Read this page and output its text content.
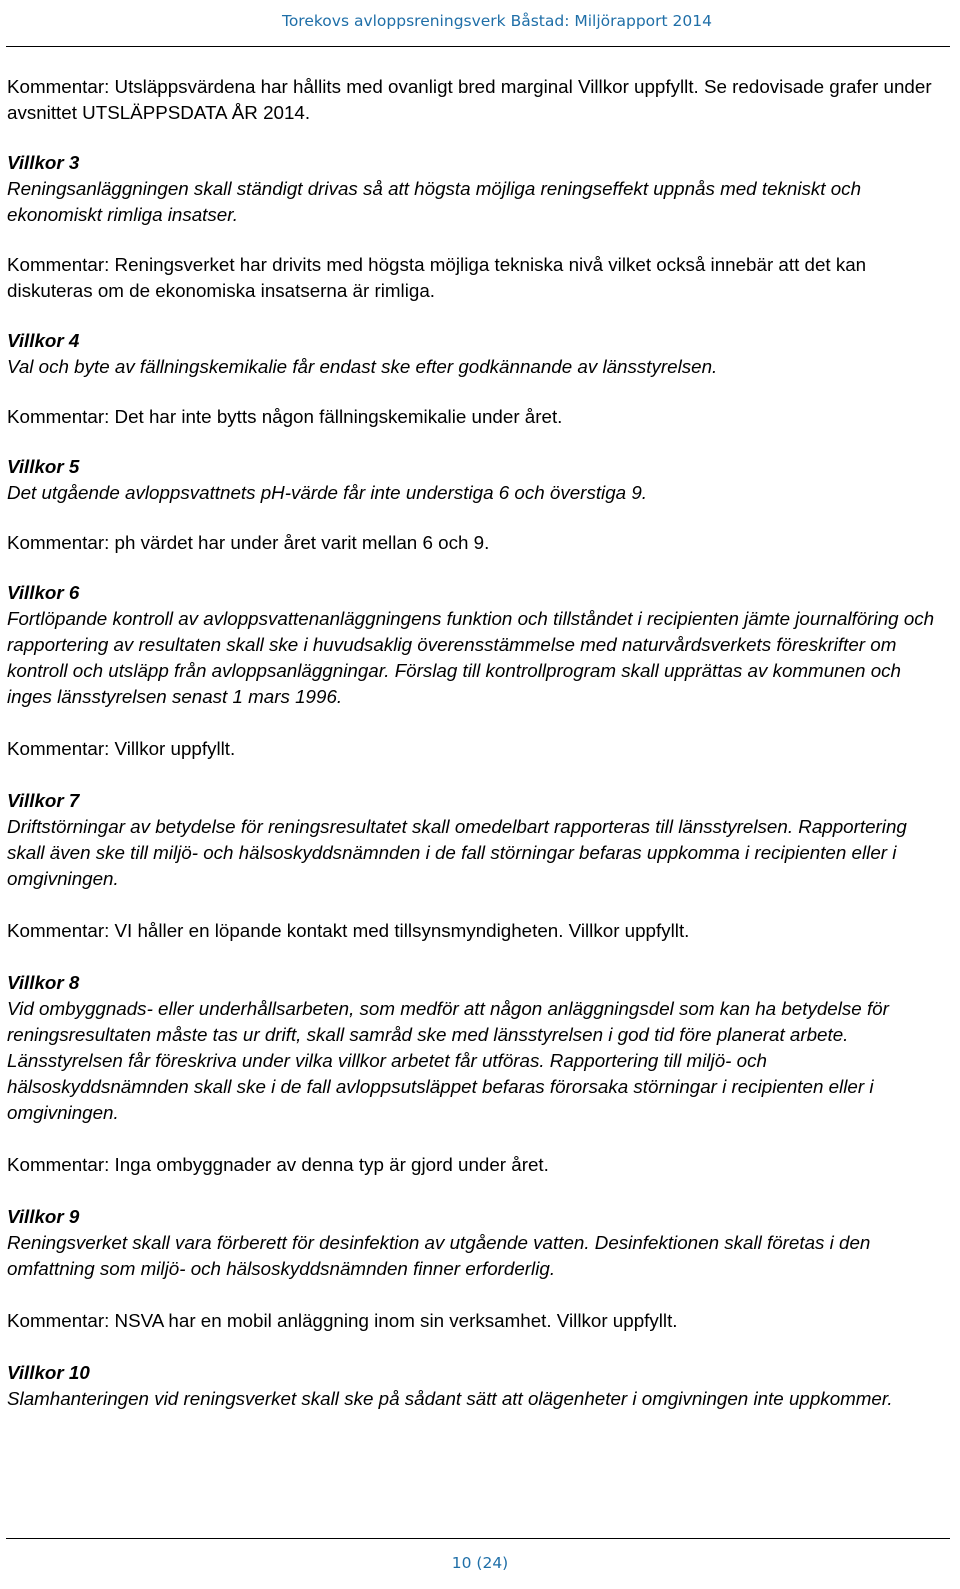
Torekovs avloppsreningsverk Båstad: Miljörapport 2014

Kommentar: Utsläppsvärdena har hållits med ovanligt bred marginal Villkor uppfyllt. Se redovisade grafer under avsnittet UTSLÄPPSDATA ÅR 2014.

Villkor 3

Reningsanläggningen skall ständigt drivas så att högsta möjliga reningseffekt uppnås med tekniskt och ekonomiskt rimliga insatser.

Kommentar: Reningsverket har drivits med högsta möjliga tekniska nivå vilket också innebär att det kan diskuteras om de ekonomiska insatserna är rimliga.

Villkor 4

Val och byte av fällningskemikalie får endast ske efter godkännande av länsstyrelsen.

Kommentar: Det har inte bytts någon fällningskemikalie under året.

Villkor 5

Det utgående avloppsvattnets pH-värde får inte understiga 6 och överstiga 9.

Kommentar: ph värdet har under året varit mellan 6 och 9.

Villkor 6

Fortlöpande kontroll av avloppsvattenanläggningens funktion och tillståndet i recipienten jämte journalföring och rapportering av resultaten skall ske i huvudsaklig överensstämmelse med naturvårdsverkets föreskrifter om kontroll och utsläpp från avloppsanläggningar. Förslag till kontrollprogram skall upprättas av kommunen och inges länsstyrelsen senast 1 mars 1996.

Kommentar: Villkor uppfyllt.

Villkor 7

Driftstörningar av betydelse för reningsresultatet skall omedelbart rapporteras till länsstyrelsen. Rapportering skall även ske till miljö- och hälsoskyddsnämnden i de fall störningar befaras uppkomma i recipienten eller i omgivningen.

Kommentar: VI håller en löpande kontakt med tillsynsmyndigheten. Villkor uppfyllt.

Villkor 8

Vid ombyggnads- eller underhållsarbeten, som medför att någon anläggningsdel som kan ha betydelse för reningsresultaten måste tas ur drift, skall samråd ske med länsstyrelsen i god tid före planerat arbete. Länsstyrelsen får föreskriva under vilka villkor arbetet får utföras. Rapportering till miljö- och hälsoskyddsnämnden skall ske i de fall avloppsutsläppet befaras förorsaka störningar i recipienten eller i omgivningen.

Kommentar: Inga ombyggnader av denna typ är gjord under året.

Villkor 9

Reningsverket skall vara förberett för desinfektion av utgående vatten. Desinfektionen skall företas i den omfattning som miljö- och hälsoskyddsnämnden finner erforderlig.

Kommentar: NSVA har en mobil anläggning inom sin verksamhet. Villkor uppfyllt.

Villkor 10

Slamhanteringen vid reningsverket skall ske på sådant sätt att olägenheter i omgivningen inte uppkommer.

10 (24)
